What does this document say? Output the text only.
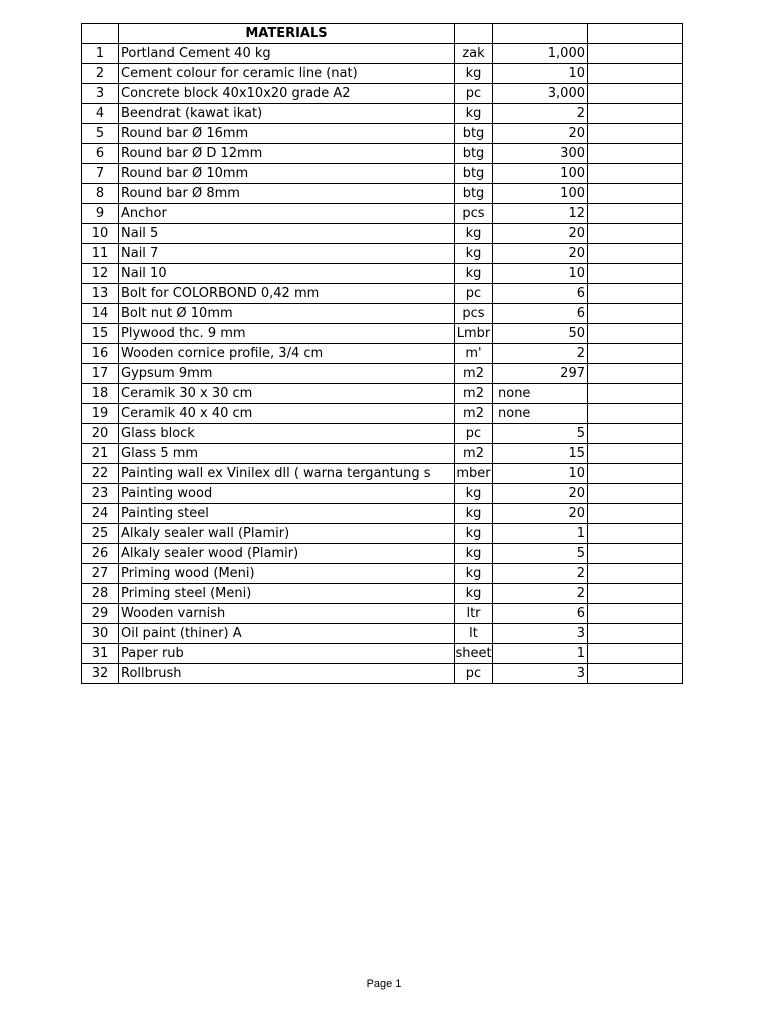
	MATERIALS			
1	Portland Cement 40 kg	zak	1,000	
2	Cement colour for ceramic line (nat)	kg	10	
3	Concrete block 40x10x20 grade A2	pc	3,000	
4	Beendrat (kawat ikat)	kg	2	
5	Round bar Ø 16mm	btg	20	
6	Round bar Ø D 12mm	btg	300	
7	Round bar Ø 10mm	btg	100	
8	Round bar Ø 8mm	btg	100	
9	Anchor	pcs	12	
10	Nail 5	kg	20	
11	Nail 7	kg	20	
12	Nail 10	kg	10	
13	Bolt for COLORBOND 0,42 mm	pc	6	
14	Bolt nut Ø 10mm	pcs	6	
15	Plywood thc. 9 mm	Lmbr	50	
16	Wooden cornice profile, 3/4 cm	m'	2	
17	Gypsum 9mm	m2	297	
18	Ceramik 30 x 30 cm	m2	none	
19	Ceramik 40 x 40 cm	m2	none	
20	Glass block	pc	5	
21	Glass 5 mm	m2	15	
22	Painting wall ex Vinilex dll ( warna tergantung s	mber	10	
23	Painting wood	kg	20	
24	Painting steel	kg	20	
25	Alkaly sealer wall (Plamir)	kg	1	
26	Alkaly sealer wood (Plamir)	kg	5	
27	Priming wood (Meni)	kg	2	
28	Priming steel (Meni)	kg	2	
29	Wooden varnish	ltr	6	
30	Oil paint (thiner) A	lt	3	
31	Paper rub	sheet	1	
32	Rollbrush	pc	3	
Page 1
